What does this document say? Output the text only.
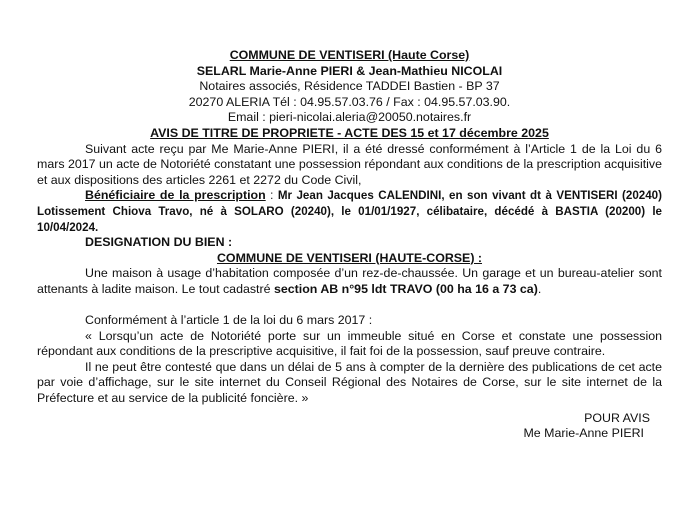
COMMUNE DE VENTISERI (Haute Corse)

SELARL Marie-Anne PIERI & Jean-Mathieu NICOLAI

Notaires associés, Résidence TADDEI Bastien - BP 37

20270 ALERIA Tél : 04.95.57.03.76 / Fax : 04.95.57.03.90.

Email : pieri-nicolai.aleria@20050.notaires.fr

AVIS DE TITRE DE PROPRIETE - ACTE DES 15 et 17 décembre 2025

Suivant acte reçu par Me Marie-Anne PIERI, il a été dressé conformément à l’Article 1 de la Loi du 6 mars 2017 un acte de Notoriété constatant une possession répondant aux conditions de la prescription acquisitive et aux dispositions des articles 2261 et 2272 du Code Civil,

Bénéficiaire de la prescription : Mr Jean Jacques CALENDINI, en son vivant dt à VENTISERI (20240) Lotissement Chiova Travo, né à SOLARO (20240), le 01/01/1927, célibataire, décédé à BASTIA (20200) le 10/04/2024.

DESIGNATION DU BIEN :

COMMUNE DE VENTISERI (HAUTE-CORSE) :

Une maison à usage d’habitation composée d’un rez-de-chaussée. Un garage et un bureau-atelier sont attenants à ladite maison. Le tout cadastré section AB n°95 ldt TRAVO (00 ha 16 a 73 ca).

Conformément à l’article 1 de la loi du 6 mars 2017 :

« Lorsqu’un acte de Notoriété porte sur un immeuble situé en Corse et constate une possession répondant aux conditions de la prescriptive acquisitive, il fait foi de la possession, sauf preuve contraire.

Il ne peut être contesté que dans un délai de 5 ans à compter de la dernière des publications de cet acte par voie d’affichage, sur le site internet du Conseil Régional des Notaires de Corse, sur le site internet de la Préfecture et au service de la publicité foncière. »

POUR AVIS

Me Marie-Anne PIERI
